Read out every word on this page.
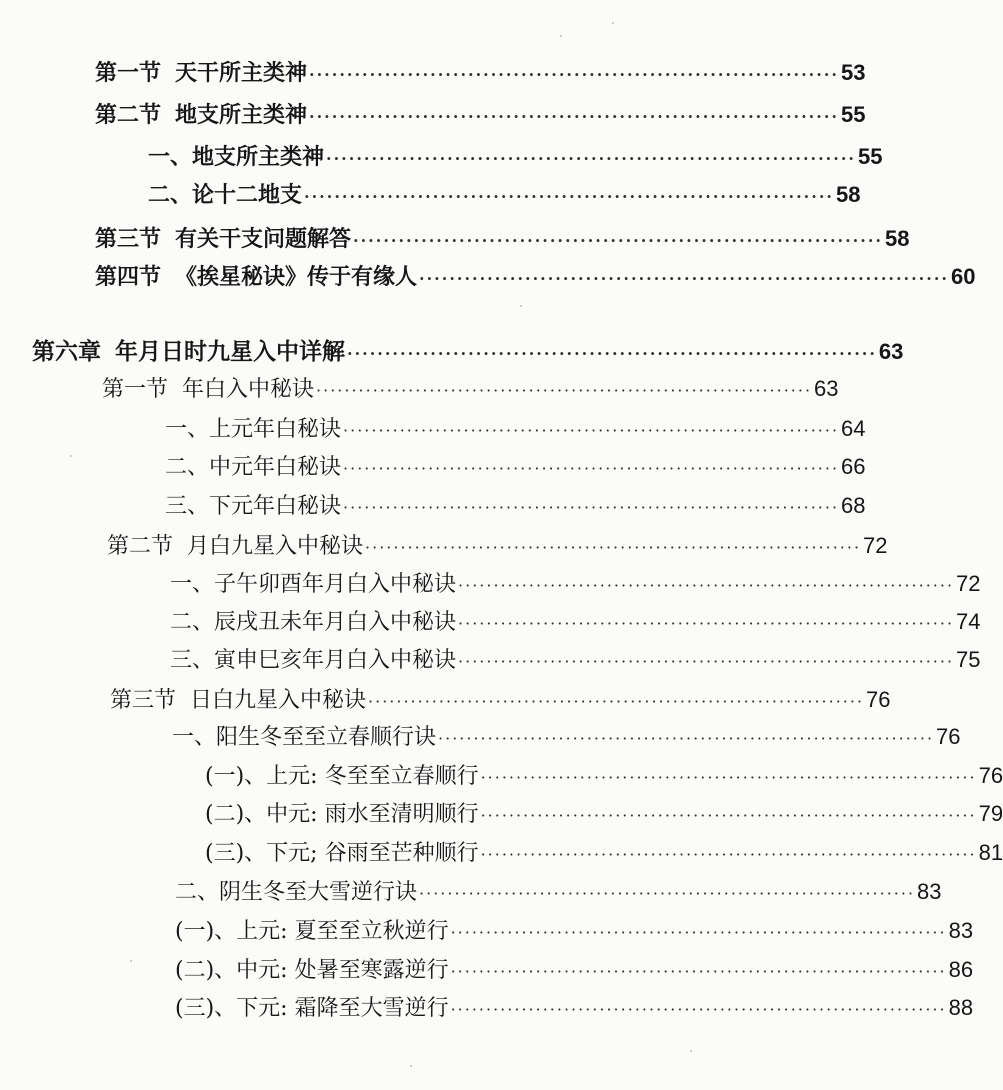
第一节 天干所主类神 ······································································ 53
第二节 地支所主类神 ······································································ 55
一、 地支所主类神 ······································································ 55
二、 论十二地支 ······································································ 58
第三节 有关干支问题解答 ······································································ 58
第四节 《挨星秘诀》传于有缘人 ······································································ 60
第六章 年月日时九星入中详解 ······································································ 63
第一节 年白入中秘诀 ······································································ 63
一、 上元年白秘诀 ······································································ 64
二、 中元年白秘诀 ······································································ 66
三、 下元年白秘诀 ······································································ 68
第二节 月白九星入中秘诀 ······································································ 72
一、 子午卯酉年月白入中秘诀 ······································································ 72
二、 辰戌丑未年月白入中秘诀 ······································································ 74
三、 寅申巳亥年月白入中秘诀 ······································································ 75
第三节 日白九星入中秘诀 ······································································ 76
一、 阳生冬至至立春顺行诀 ······································································ 76
(一)、 上元: 冬至至立春顺行 ······································································ 76
(二)、 中元: 雨水至清明顺行 ······································································ 79
(三)、 下元; 谷雨至芒种顺行 ······································································ 81
二、 阴生冬至大雪逆行诀 ······································································ 83
(一)、 上元: 夏至至立秋逆行 ······································································ 83
(二)、 中元: 处暑至寒露逆行 ······································································ 86
(三)、 下元: 霜降至大雪逆行 ······································································ 88
